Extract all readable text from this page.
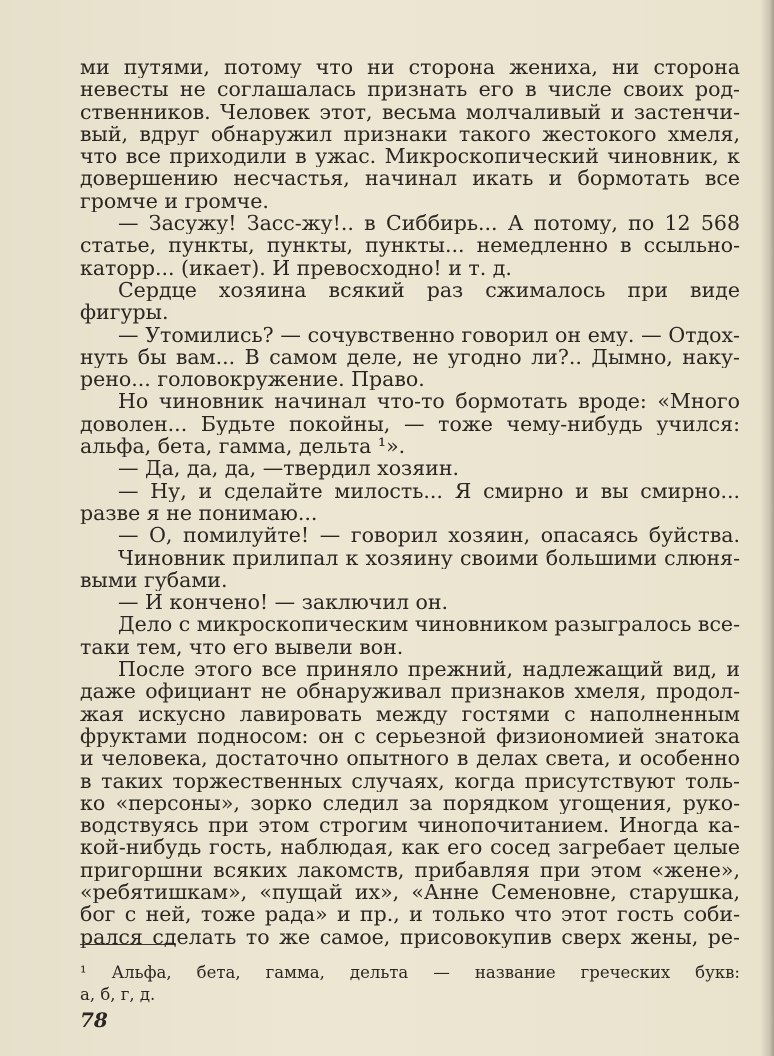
ми путями, потому что ни сторона жениха, ни сторона
невесты не соглашалась признать его в числе своих род-
ственников. Человек этот, весьма молчаливый и застенчи-
вый, вдруг обнаружил признаки такого жестокого хмеля,
что все приходили в ужас. Микроскопический чиновник, к
довершению несчастья, начинал икать и бормотать все
громче и громче.
— Засужу! Засс-жу!.. в Сиббирь... А потому, по 12 568
статье, пункты, пункты, пункты... немедленно в ссыльно-
каторр... (икает). И превосходно! и т. д.
Сердце хозяина всякий раз сжималось при виде
фигуры.
— Утомились? — сочувственно говорил он ему. — Отдох-
нуть бы вам... В самом деле, не угодно ли?.. Дымно, наку-
рено... головокружение. Право.
Но чиновник начинал что-то бормотать вроде: «Много
доволен... Будьте покойны, — тоже чему-нибудь учился:
альфа, бета, гамма, дельта ¹».
— Да, да, да, —твердил хозяин.
— Ну, и сделайте милость... Я смирно и вы смирно...
разве я не понимаю...
— О, помилуйте! — говорил хозяин, опасаясь буйства.
Чиновник прилипал к хозяину своими большими слюня-
выми губами.
— И кончено! — заключил он.
Дело с микроскопическим чиновником разыгралось все-
таки тем, что его вывели вон.
После этого все приняло прежний, надлежащий вид, и
даже официант не обнаруживал признаков хмеля, продол-
жая искусно лавировать между гостями с наполненным
фруктами подносом: он с серьезной физиономией знатока
и человека, достаточно опытного в делах света, и особенно
в таких торжественных случаях, когда присутствуют толь-
ко «персоны», зорко следил за порядком угощения, руко-
водствуясь при этом строгим чинопочитанием. Иногда ка-
кой-нибудь гость, наблюдая, как его сосед загребает целые
пригоршни всяких лакомств, прибавляя при этом «жене»,
«ребятишкам», «пущай их», «Анне Семеновне, старушка,
бог с ней, тоже рада» и пр., и только что этот гость соби-
рался сделать то же самое, присовокупив сверх жены, ре-
¹ Альфа, бета, гамма, дельта — название греческих букв:
а, б, г, д.
78
